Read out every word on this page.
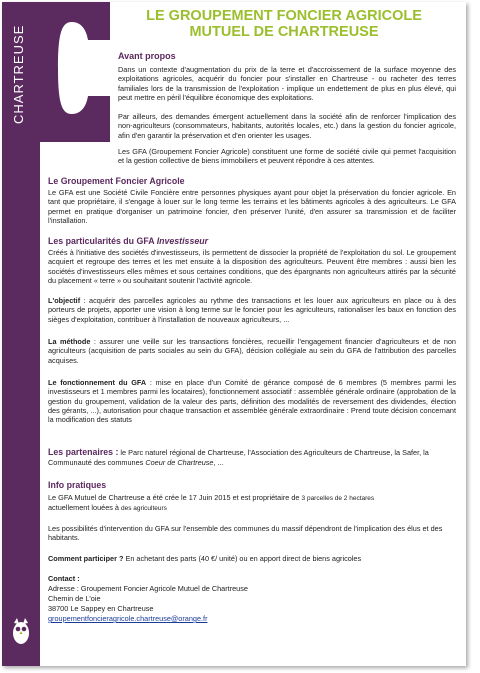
CHARTREUSE
LE GROUPEMENT FONCIER AGRICOLE
MUTUEL DE CHARTREUSE
Avant propos
Dans un contexte d'augmentation du prix de la terre et d'accroissement de la surface moyenne des exploitations agricoles, acquérir du foncier pour s'installer en Chartreuse - ou racheter des terres familiales lors de la transmission de l'exploitation - implique un endettement de plus en plus élevé, qui peut mettre en péril l'équilibre économique des exploitations.
Par ailleurs, des demandes émergent actuellement dans la société afin de renforcer l'implication des non-agriculteurs (consommateurs, habitants, autorités locales, etc.) dans la gestion du foncier agricole, afin d'en garantir la préservation et d'en orienter les usages.
Les GFA (Groupement Foncier Agricole) constituent une forme de société civile qui permet l'acquisition et la gestion collective de biens immobiliers et peuvent répondre à ces attentes.
Le Groupement Foncier Agricole
Le GFA est une Société Civile Foncière entre personnes physiques ayant pour objet la préservation du foncier agricole. En tant que propriétaire, il s'engage à louer sur le long terme les terrains et les bâtiments agricoles à des agriculteurs. Le GFA permet en pratique d'organiser un patrimoine foncier, d'en préserver l'unité, d'en assurer sa transmission et de faciliter l'installation.
Les particularités du GFA Investisseur
Créés à l'initiative des sociétés d'investisseurs, ils permettent de dissocier la propriété de l'exploitation du sol. Le groupement acquiert et regroupe des terres et les met ensuite à la disposition des agriculteurs. Peuvent être membres : aussi bien les sociétés d'investisseurs elles mêmes et sous certaines conditions, que des épargnants non agriculteurs attirés par la sécurité du placement « terre » ou souhaitant soutenir l'activité agricole.
L'objectif : acquérir des parcelles agricoles au rythme des transactions et les louer aux agriculteurs en place ou à des porteurs de projets, apporter une vision à long terme sur le foncier pour les agriculteurs, rationaliser les baux en fonction des sièges d'exploitation, contribuer à l'installation de nouveaux agriculteurs, ...
La méthode : assurer une veille sur les transactions foncières, recueillir l'engagement financier d'agriculteurs et de non agriculteurs (acquisition de parts sociales au sein du GFA), décision collégiale au sein du GFA de l'attribution des parcelles acquises.
Le fonctionnement du GFA : mise en place d'un Comité de gérance composé de 6 membres (5 membres parmi les investisseurs et 1 membres parmi les locataires), fonctionnement associatif : assemblée générale ordinaire (approbation de la gestion du groupement, validation de la valeur des parts, définition des modalités de reversement des dividendes, élection des gérants, ...), autorisation pour chaque transaction et assemblée générale extraordinaire : Prend toute décision concernant la modification des statuts
Les partenaires : le Parc naturel régional de Chartreuse, l'Association des Agriculteurs de Chartreuse, la Safer, la Communauté des communes Coeur de Chartreuse, ...
Info pratiques
Le GFA Mutuel de Chartreuse a été crée le 17 Juin 2015 et est propriétaire de 3 parcelles de 2 hectares
actuellement louées à des agriculteurs
Les possibilités d'intervention du GFA sur l'ensemble des communes du massif dépendront de l'implication des élus et des habitants.
Comment participer ? En achetant des parts (40 €/ unité) ou en apport direct de biens agricoles
Contact :
Adresse : Groupement Foncier Agricole Mutuel de Chartreuse
Chemin de L'oie
38700 Le Sappey en Chartreuse
groupementfoncieragricole.chartreuse@orange.fr
